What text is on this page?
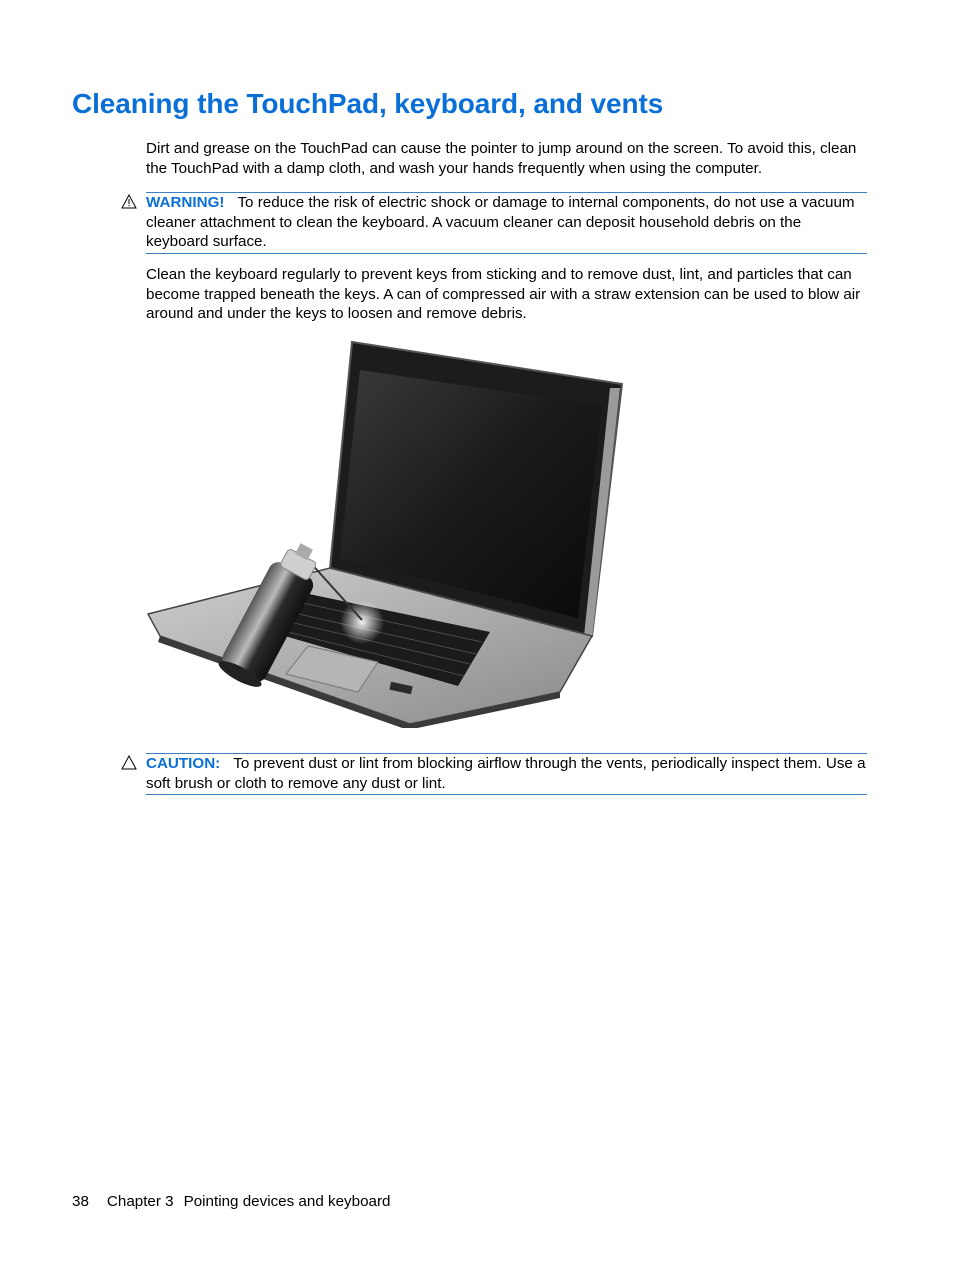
Cleaning the TouchPad, keyboard, and vents

Dirt and grease on the TouchPad can cause the pointer to jump around on the screen. To avoid this, clean the TouchPad with a damp cloth, and wash your hands frequently when using the computer.

WARNING! To reduce the risk of electric shock or damage to internal components, do not use a vacuum cleaner attachment to clean the keyboard. A vacuum cleaner can deposit household debris on the keyboard surface.

Clean the keyboard regularly to prevent keys from sticking and to remove dust, lint, and particles that can become trapped beneath the keys. A can of compressed air with a straw extension can be used to blow air around and under the keys to loosen and remove debris.

CAUTION: To prevent dust or lint from blocking airflow through the vents, periodically inspect them. Use a soft brush or cloth to remove any dust or lint.
38 Chapter 3 Pointing devices and keyboard
